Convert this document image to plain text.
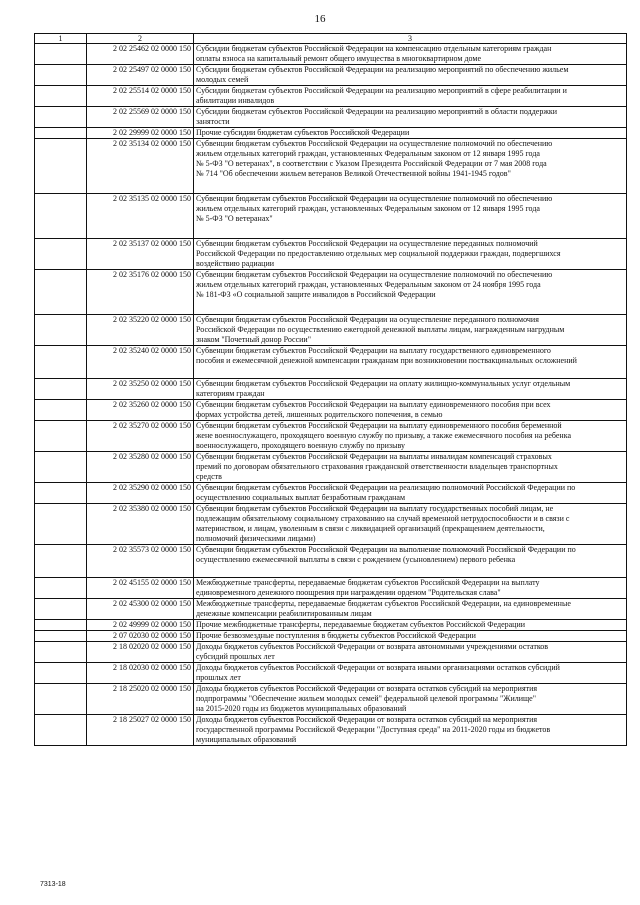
16
1	2	3
	2 02 25462 02 0000 150	Субсидии бюджетам субъектов Российской Федерации на компенсацию отдельным категориям граждан
оплаты взноса на капитальный ремонт общего имущества в многоквартирном доме

	2 02 25497 02 0000 150	Субсидии бюджетам субъектов Российской Федерации на реализацию мероприятий по обеспечению жильем
молодых семей

	2 02 25514 02 0000 150	Субсидии бюджетам субъектов Российской Федерации на реализацию мероприятий в сфере реабилитации и
абилитации инвалидов

	2 02 25569 02 0000 150	Субсидии бюджетам субъектов Российской Федерации на реализацию мероприятий в области поддержки
занятости

	2 02 29999 02 0000 150	Прочие субсидии бюджетам субъектов Российской Федерации

	2 02 35134 02 0000 150	Субвенции бюджетам субъектов Российской Федерации на осуществление полномочий по обеспечению
жильем отдельных категорий граждан, установленных Федеральным законом от 12 января 1995 года
№ 5-ФЗ "О ветеранах", в соответствии с Указом Президента Российской Федерации от 7 мая 2008 года
№ 714 "Об обеспечении жильем ветеранов Великой Отечественной войны 1941-1945 годов"

	2 02 35135 02 0000 150	Субвенции бюджетам субъектов Российской Федерации на осуществление полномочий по обеспечению
жильем отдельных категорий граждан, установленных Федеральным законом от 12 января 1995 года
№ 5-ФЗ "О ветеранах"

	2 02 35137 02 0000 150	Субвенции бюджетам субъектов Российской Федерации на осуществление переданных полномочий
Российской Федерации по предоставлению отдельных мер социальной поддержки граждан, подвергшихся
воздействию радиации

	2 02 35176 02 0000 150	Субвенции бюджетам субъектов Российской Федерации на осуществление полномочий по обеспечению
жильем отдельных категорий граждан, установленных Федеральным законом от 24 ноября 1995 года
№ 181-ФЗ «О социальной защите инвалидов в Российской Федерации

	2 02 35220 02 0000 150	Субвенции бюджетам субъектов Российской Федерации на осуществление переданного полномочия
Российской Федерации по осуществлению ежегодной денежной выплаты лицам, награжденным нагрудным
знаком "Почетный донор России"

	2 02 35240 02 0000 150	Субвенции бюджетам субъектов Российской Федерации на выплату государственного единовременного
пособия и ежемесячной денежной компенсации гражданам при возникновении поствакцинальных осложнений

	2 02 35250 02 0000 150	Субвенции бюджетам субъектов Российской Федерации на оплату жилищно-коммунальных услуг отдельным
категориям граждан

	2 02 35260 02 0000 150	Субвенции бюджетам субъектов Российской Федерации на выплату единовременного пособия при всех
формах устройства детей, лишенных родительского попечения, в семью

	2 02 35270 02 0000 150	Субвенции бюджетам субъектов Российской Федерации на выплату единовременного пособия беременной
жене военнослужащего, проходящего военную службу по призыву, а также ежемесячного пособия на ребенка
военнослужащего, проходящего военную службу по призыву

	2 02 35280 02 0000 150	Субвенции бюджетам субъектов Российской Федерации на выплаты инвалидам компенсаций страховых
премий по договорам обязательного страхования гражданской ответственности владельцев транспортных
средств

	2 02 35290 02 0000 150	Субвенции бюджетам субъектов Российской Федерации на реализацию полномочий Российской Федерации по
осуществлению социальных выплат безработным гражданам

	2 02 35380 02 0000 150	Субвенции бюджетам субъектов Российской Федерации на выплату государственных пособий лицам, не
подлежащим обязательному социальному страхованию на случай временной нетрудоспособности и в связи с
материнством, и лицам, уволенным в связи с ликвидацией организаций (прекращением деятельности,
полномочий физическими лицами)

	2 02 35573 02 0000 150	Субвенции бюджетам субъектов Российской Федерации на выполнение полномочий Российской Федерации по
осуществлению ежемесячной выплаты в связи с рождением (усыновлением) первого ребенка

	2 02 45155 02 0000 150	Межбюджетные трансферты, передаваемые бюджетам субъектов Российской Федерации на выплату
единовременного денежного поощрения при награждении орденом "Родительская слава"

	2 02 45300 02 0000 150	Межбюджетные трансферты, передаваемые бюджетам субъектов Российской Федерации, на единовременные
денежные компенсации реабилитированным лицам

	2 02 49999 02 0000 150	Прочие межбюджетные трансферты, передаваемые бюджетам субъектов Российской Федерации

	2 07 02030 02 0000 150	Прочие безвозмездные поступления в бюджеты субъектов Российской Федерации

	2 18 02020 02 0000 150	Доходы бюджетов субъектов Российской Федерации от возврата автономными учреждениями остатков
субсидий прошлых лет

	2 18 02030 02 0000 150	Доходы бюджетов субъектов Российской Федерации от возврата иными организациями остатков субсидий
прошлых лет

	2 18 25020 02 0000 150	Доходы бюджетов субъектов Российской Федерации от возврата остатков субсидий на мероприятия
подпрограммы "Обеспечение жильем молодых семей" федеральной целевой программы "Жилище"
на 2015-2020 годы из бюджетов муниципальных образований

	2 18 25027 02 0000 150	Доходы бюджетов субъектов Российской Федерации от возврата остатков субсидий на мероприятия
государственной программы Российской Федерации "Доступная среда" на 2011-2020 годы из бюджетов
муниципальных образований
7313-18
